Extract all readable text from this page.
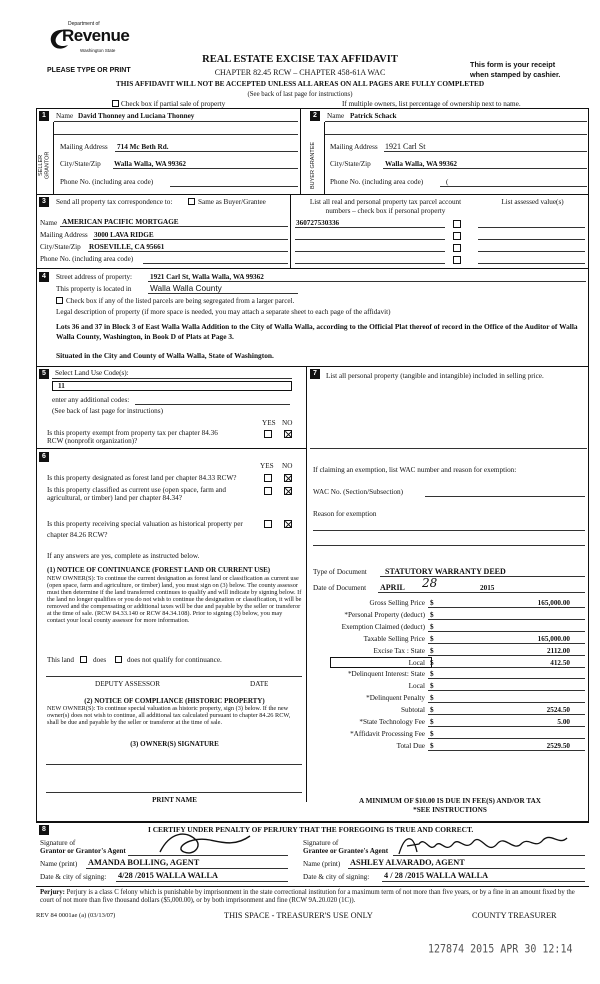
Department of
Revenue
Washington State
PLEASE TYPE OR PRINT
REAL ESTATE EXCISE TAX AFFIDAVIT
CHAPTER 82.45 RCW – CHAPTER 458-61A WAC
THIS AFFIDAVIT WILL NOT BE ACCEPTED UNLESS ALL AREAS ON ALL PAGES ARE FULLY COMPLETED
(See back of last page for instructions)
This form is your receipt
when stamped by cashier.
Check box if partial sale of property	If multiple owners, list percentage of ownership next to name.
1	Name David Thonney and Luciana Thonney
SELLER GRANTOR
Mailing Address 714 Mc Beth Rd.
City/State/Zip Walla Walla, WA 99362
Phone No. (including area code)
2	Name Patrick Schack
BUYER GRANTEE	Mailing Address 1921 Carl St
City/State/Zip Walla Walla, WA 99362
Phone No. (including area code)	(
3	Send all property tax correspondence to:	Same as Buyer/Grantee
Name AMERICAN PACIFIC MORTGAGE
Mailing Address 3000 LAVA RIDGE
City/State/Zip ROSEVILLE, CA 95661
Phone No. (including area code)
List all real and personal property tax parcel account
numbers – check box if personal property
List assessed value(s)
360727530336
4	Street address of property: 1921 Carl St, Walla Walla, WA 99362
This property is located in Walla Walla County
Check box if any of the listed parcels are being segregated from a larger parcel.
Legal description of property (if more space is needed, you may attach a separate sheet to each page of the affidavit)
Lots 36 and 37 in Block 3 of East Walla Walla Addition to the City of Walla Walla, according to the Official Plat thereof of record in the Office of the Auditor of Walla Walla County, Washington, in Book D of Plats at Page 3.
Situated in the City and County of Walla Walla, State of Washington.
5	Select Land Use Code(s):
11
enter any additional codes:
(See back of last page for instructions)
YES NO
Is this property exempt from property tax per chapter 84.36 RCW (nonprofit organization)?
7	List all personal property (tangible and intangible) included in selling price.
6
YES NO
Is this property designated as forest land per chapter 84.33 RCW?
Is this property classified as current use (open space, farm and agricultural, or timber) land per chapter 84.34?
Is this property receiving special valuation as historical property per chapter 84.26 RCW?
If any answers are yes, complete as instructed below.
(1) NOTICE OF CONTINUANCE (FOREST LAND OR CURRENT USE)
NEW OWNER(S): To continue the current designation as forest land or classification as current use (open space, farm and agriculture, or timber) land, you must sign on (3) below. The county assessor must then determine if the land transferred continues to qualify and will indicate by signing below. If the land no longer qualifies or you do not wish to continue the designation or classification, it will be removed and the compensating or additional taxes will be due and payable by the seller or transferor at the time of sale. (RCW 84.33.140 or RCW 84.34.108). Prior to signing (3) below, you may contact your local county assessor for more information.
This land	does	does not qualify for continuance.
DEPUTY ASSESSOR	DATE
(2) NOTICE OF COMPLIANCE (HISTORIC PROPERTY)
NEW OWNER(S): To continue special valuation as historic property, sign (3) below. If the new owner(s) does not wish to continue, all additional tax calculated pursuant to chapter 84.26 RCW, shall be due and payable by the seller or transferor at the time of sale.
(3) OWNER(S) SIGNATURE
PRINT NAME
If claiming an exemption, list WAC number and reason for exemption:
WAC No. (Section/Subsection)
Reason for exemption
Type of Document STATUTORY WARRANTY DEED
Date of Document APRIL 28	2015
Gross Selling Price $	165,000.00
*Personal Property (deduct) $
Exemption Claimed (deduct) $
Taxable Selling Price $	165,000.00
Excise Tax : State $	2112.00
Local $	412.50
*Delinquent Interest: State $
Local $
*Delinquent Penalty $
Subtotal $	2524.50
*State Technology Fee $	5.00
*Affidavit Processing Fee $
Total Due $	2529.50
A MINIMUM OF $10.00 IS DUE IN FEE(S) AND/OR TAX
*SEE INSTRUCTIONS
8	I CERTIFY UNDER PENALTY OF PERJURY THAT THE FOREGOING IS TRUE AND CORRECT.
Signature of
Grantor or Grantor's Agent
Name (print) AMANDA BOLLING, AGENT
Date & city of signing: 4/28 /2015 WALLA WALLA
Signature of
Grantee or Grantee's Agent
Name (print) ASHLEY ALVARADO, AGENT
Date & city of signing: 4 / 28 /2015 WALLA WALLA
Perjury: Perjury is a class C felony which is punishable by imprisonment in the state correctional institution for a maximum term of not more than five years, or by a fine in an amount fixed by the court of not more than five thousand dollars ($5,000.00), or by both imprisonment and fine (RCW 9A.20.020 (1C)).
REV 84 0001ae (a) (03/13/07)	THIS SPACE - TREASURER'S USE ONLY	COUNTY TREASURER
127874 2015 APR 30 12:14
